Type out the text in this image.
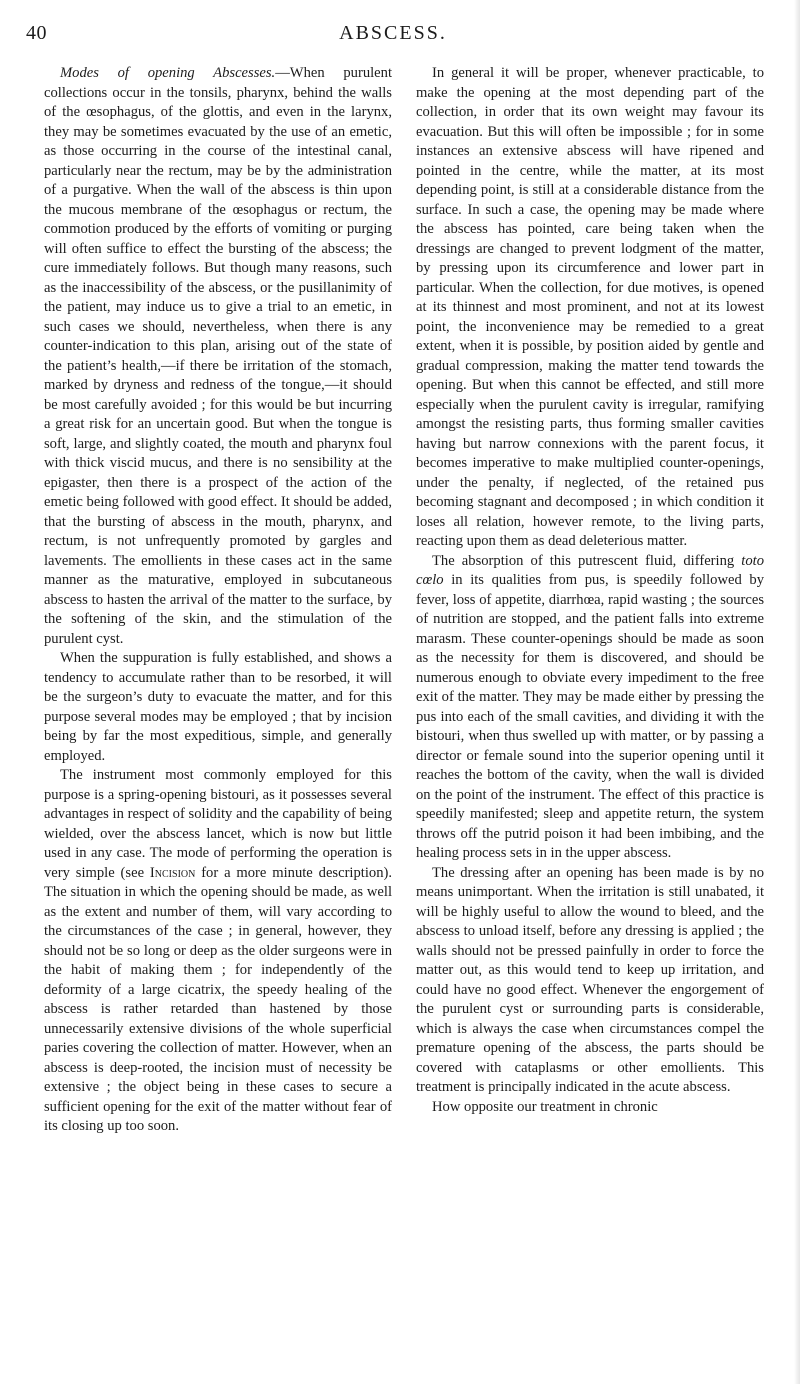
40	ABSCESS.

Modes of opening Abscesses.—When purulent collections occur in the tonsils, pharynx, behind the walls of the œsophagus, of the glottis, and even in the larynx, they may be sometimes evacuated by the use of an emetic, as those occurring in the course of the intestinal canal, particularly near the rectum, may be by the administration of a purgative. When the wall of the abscess is thin upon the mucous membrane of the œsophagus or rectum, the commotion produced by the efforts of vomiting or purging will often suffice to effect the bursting of the abscess; the cure immediately follows. But though many reasons, such as the inaccessibility of the abscess, or the pusillanimity of the patient, may induce us to give a trial to an emetic, in such cases we should, nevertheless, when there is any counter-indication to this plan, arising out of the state of the patient’s health,—if there be irritation of the stomach, marked by dryness and redness of the tongue,—it should be most carefully avoided ; for this would be but incurring a great risk for an uncertain good. But when the tongue is soft, large, and slightly coated, the mouth and pharynx foul with thick viscid mucus, and there is no sensibility at the epigaster, then there is a prospect of the action of the emetic being followed with good effect. It should be added, that the bursting of abscess in the mouth, pharynx, and rectum, is not unfrequently promoted by gargles and lavements. The emollients in these cases act in the same manner as the maturative, employed in subcutaneous abscess to hasten the arrival of the matter to the surface, by the softening of the skin, and the stimulation of the purulent cyst.

When the suppuration is fully established, and shows a tendency to accumulate rather than to be resorbed, it will be the surgeon’s duty to evacuate the matter, and for this purpose several modes may be employed ; that by incision being by far the most expeditious, simple, and generally employed.

The instrument most commonly employed for this purpose is a spring-opening bistouri, as it possesses several advantages in respect of solidity and the capability of being wielded, over the abscess lancet, which is now but little used in any case. The mode of performing the operation is very simple (see Incision for a more minute description). The situation in which the opening should be made, as well as the extent and number of them, will vary according to the circumstances of the case ; in general, however, they should not be so long or deep as the older surgeons were in the habit of making them ; for independently of the deformity of a large cicatrix, the speedy healing of the abscess is rather retarded than hastened by those unnecessarily extensive divisions of the whole superficial paries covering the collection of matter. However, when an abscess is deep-rooted, the incision must of necessity be extensive ; the object being in these cases to secure a sufficient opening for the exit of the matter without fear of its closing up too soon.

In general it will be proper, whenever practicable, to make the opening at the most depending part of the collection, in order that its own weight may favour its evacuation. But this will often be impossible ; for in some instances an extensive abscess will have ripened and pointed in the centre, while the matter, at its most depending point, is still at a considerable distance from the surface. In such a case, the opening may be made where the abscess has pointed, care being taken when the dressings are changed to prevent lodgment of the matter, by pressing upon its circumference and lower part in particular. When the collection, for due motives, is opened at its thinnest and most prominent, and not at its lowest point, the inconvenience may be remedied to a great extent, when it is possible, by position aided by gentle and gradual compression, making the matter tend towards the opening. But when this cannot be effected, and still more especially when the purulent cavity is irregular, ramifying amongst the resisting parts, thus forming smaller cavities having but narrow connexions with the parent focus, it becomes imperative to make multiplied counter-openings, under the penalty, if neglected, of the retained pus becoming stagnant and decomposed ; in which condition it loses all relation, however remote, to the living parts, reacting upon them as dead deleterious matter.

The absorption of this putrescent fluid, differing toto cœlo in its qualities from pus, is speedily followed by fever, loss of appetite, diarrhœa, rapid wasting ; the sources of nutrition are stopped, and the patient falls into extreme marasm. These counter-openings should be made as soon as the necessity for them is discovered, and should be numerous enough to obviate every impediment to the free exit of the matter. They may be made either by pressing the pus into each of the small cavities, and dividing it with the bistouri, when thus swelled up with matter, or by passing a director or female sound into the superior opening until it reaches the bottom of the cavity, when the wall is divided on the point of the instrument. The effect of this practice is speedily manifested; sleep and appetite return, the system throws off the putrid poison it had been imbibing, and the healing process sets in in the upper abscess.

The dressing after an opening has been made is by no means unimportant. When the irritation is still unabated, it will be highly useful to allow the wound to bleed, and the abscess to unload itself, before any dressing is applied ; the walls should not be pressed painfully in order to force the matter out, as this would tend to keep up irritation, and could have no good effect. Whenever the engorgement of the purulent cyst or surrounding parts is considerable, which is always the case when circumstances compel the premature opening of the abscess, the parts should be covered with cataplasms or other emollients. This treatment is principally indicated in the acute abscess.

How opposite our treatment in chronic
